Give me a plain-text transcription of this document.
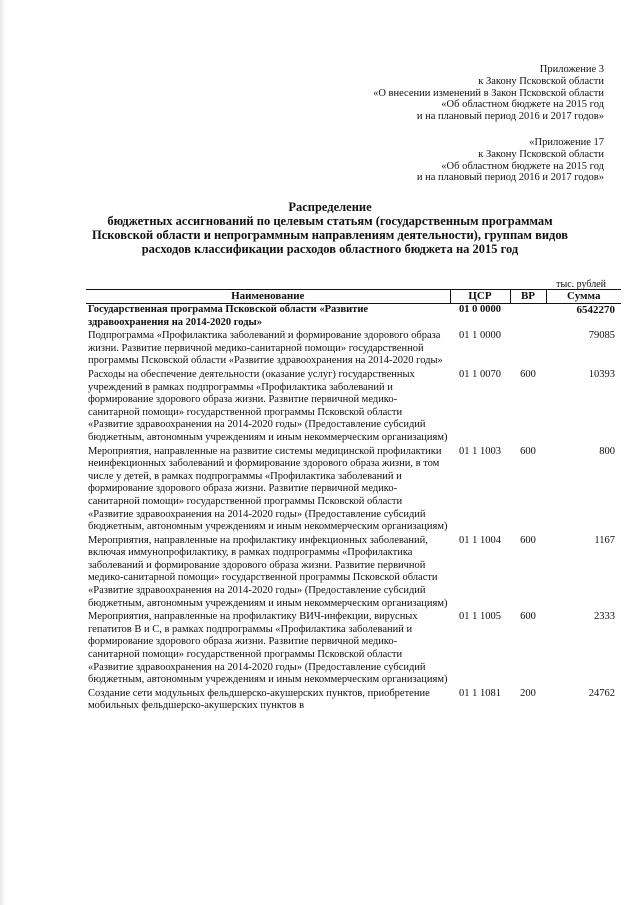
Приложение 3
к Закону Псковской области
«О внесении изменений в Закон Псковской области
«Об областном бюджете на 2015 год
и на плановый период 2016 и 2017 годов»
«Приложение 17
к Закону Псковской области
«Об областном бюджете на 2015 год
и на плановый период 2016 и 2017 годов»
Распределение
бюджетных ассигнований по целевым статьям (государственным программам
Псковской области и непрограммным направлениям деятельности), группам видов
расходов классификации расходов областного бюджета на 2015 год
тыс. рублей
Наименование	ЦСР	ВР	Сумма
Государственная программа Псковской области «Развитие здравоохранения на 2014-2020 годы»	01 0 0000		6542270
Подпрограмма «Профилактика заболеваний и формирование здорового образа жизни. Развитие первичной медико-санитарной помощи» государственной программы Псковской области «Развитие здравоохранения на 2014-2020 годы»	01 1 0000		79085
Расходы на обеспечение деятельности (оказание услуг) государственных учреждений в рамках подпрограммы «Профилактика заболеваний и формирование здорового образа жизни. Развитие первичной медико-санитарной помощи» государственной программы Псковской области «Развитие здравоохранения на 2014-2020 годы» (Предоставление субсидий бюджетным, автономным учреждениям и иным некоммерческим организациям)	01 1 0070	600	10393
Мероприятия, направленные на развитие системы медицинской профилактики неинфекционных заболеваний и формирование здорового образа жизни, в том числе у детей, в рамках подпрограммы «Профилактика заболеваний и формирование здорового образа жизни. Развитие первичной медико-санитарной помощи» государственной программы Псковской области «Развитие здравоохранения на 2014-2020 годы» (Предоставление субсидий бюджетным, автономным учреждениям и иным некоммерческим организациям)	01 1 1003	600	800
Мероприятия, направленные на профилактику инфекционных заболеваний, включая иммунопрофилактику, в рамках подпрограммы «Профилактика заболеваний и формирование здорового образа жизни. Развитие первичной медико-санитарной помощи» государственной программы Псковской области «Развитие здравоохранения на 2014-2020 годы» (Предоставление субсидий бюджетным, автономным учреждениям и иным некоммерческим организациям)	01 1 1004	600	1167
Мероприятия, направленные на профилактику ВИЧ-инфекции, вирусных гепатитов В и С, в рамках подпрограммы «Профилактика заболеваний и формирование здорового образа жизни. Развитие первичной медико-санитарной помощи» государственной программы Псковской области «Развитие здравоохранения на 2014-2020 годы» (Предоставление субсидий бюджетным, автономным учреждениям и иным некоммерческим организациям)	01 1 1005	600	2333
Создание сети модульных фельдшерско-акушерских пунктов, приобретение мобильных фельдшерско-акушерских пунктов в	01 1 1081	200	24762
